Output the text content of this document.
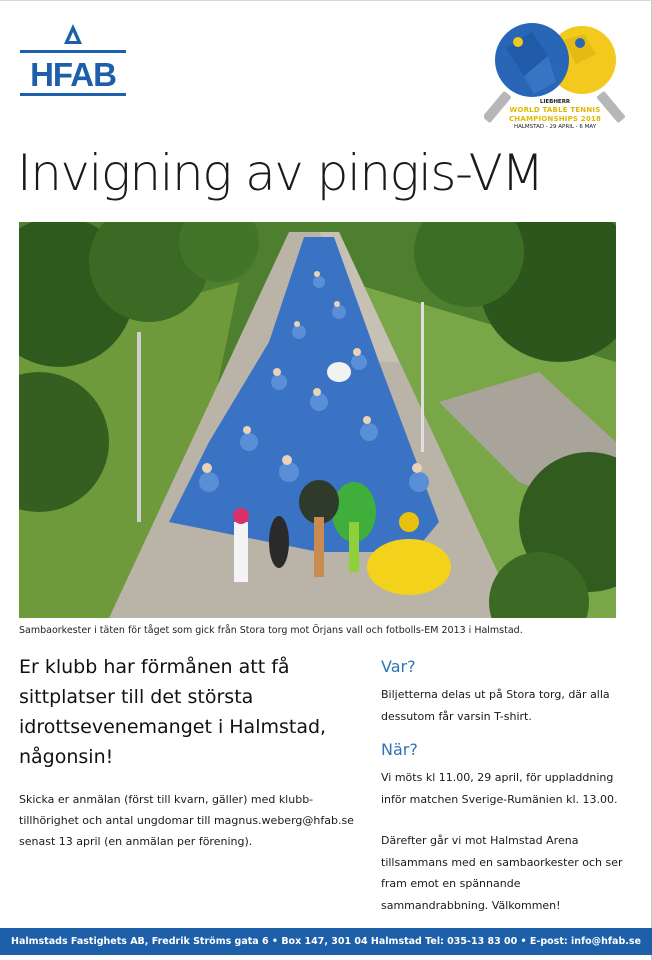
HFAB
LIEBHERR
WORLD TABLE TENNIS
CHAMPIONSHIPS 2018
HALMSTAD - 29 APRIL - 6 MAY
Invigning av pingis-VM
Sambaorkester i täten för tåget som gick från Stora torg mot Örjans vall och fotbolls-EM 2013 i Halmstad.
Er klubb har förmånen att få sittplatser till det största idrottsevenemanget i Halmstad, någonsin!
Skicka er anmälan (först till kvarn, gäller) med klubb-tillhörighet och antal ungdomar till magnus.weberg@hfab.se senast 13 april (en anmälan per förening).
Var?
Biljetterna delas ut på Stora torg, där alla dessutom får varsin T-shirt.
När?
Vi möts kl 11.00, 29 april, för uppladdning inför matchen Sverige-Rumänien kl. 13.00.
Därefter går vi mot Halmstad Arena tillsammans med en sambaorkester och ser fram emot en spännande sammandrabbning. Välkommen!
Halmstads Fastighets AB, Fredrik Ströms gata 6 • Box 147, 301 04 Halmstad Tel: 035-13 83 00 • E-post: info@hfab.se
